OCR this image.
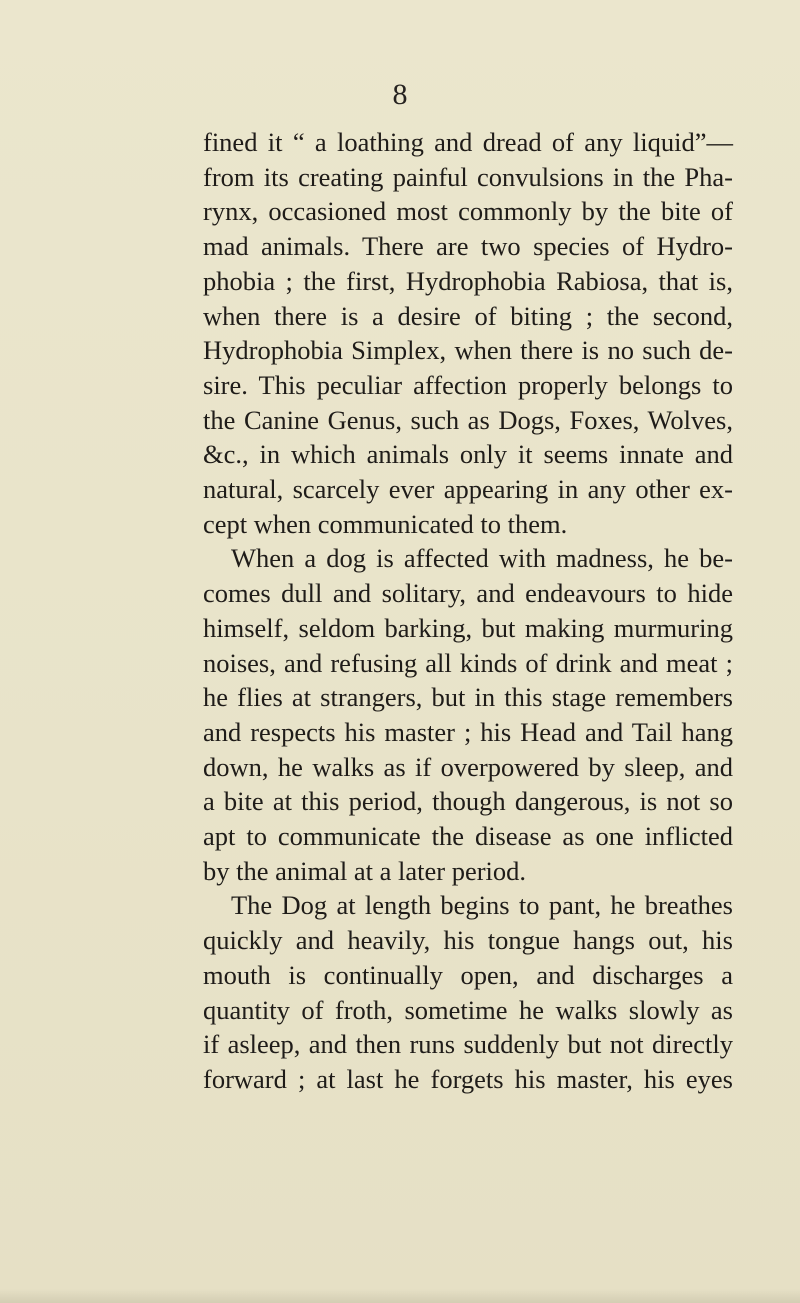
8
fined it “ a loathing and dread of any liquid”—
from its creating painful convulsions in the Pha-
rynx, occasioned most commonly by the bite of
mad animals. There are two species of Hydro-
phobia ; the first, Hydrophobia Rabiosa, that is,
when there is a desire of biting ; the second,
Hydrophobia Simplex, when there is no such de-
sire. This peculiar affection properly belongs to
the Canine Genus, such as Dogs, Foxes, Wolves,
&c., in which animals only it seems innate and
natural, scarcely ever appearing in any other ex-
cept when communicated to them.
When a dog is affected with madness, he be-
comes dull and solitary, and endeavours to hide
himself, seldom barking, but making murmuring
noises, and refusing all kinds of drink and meat ;
he flies at strangers, but in this stage remembers
and respects his master ; his Head and Tail hang
down, he walks as if overpowered by sleep, and
a bite at this period, though dangerous, is not so
apt to communicate the disease as one inflicted
by the animal at a later period.
The Dog at length begins to pant, he breathes
quickly and heavily, his tongue hangs out, his
mouth is continually open, and discharges a
quantity of froth, sometime he walks slowly as
if asleep, and then runs suddenly but not directly
forward ; at last he forgets his master, his eyes
